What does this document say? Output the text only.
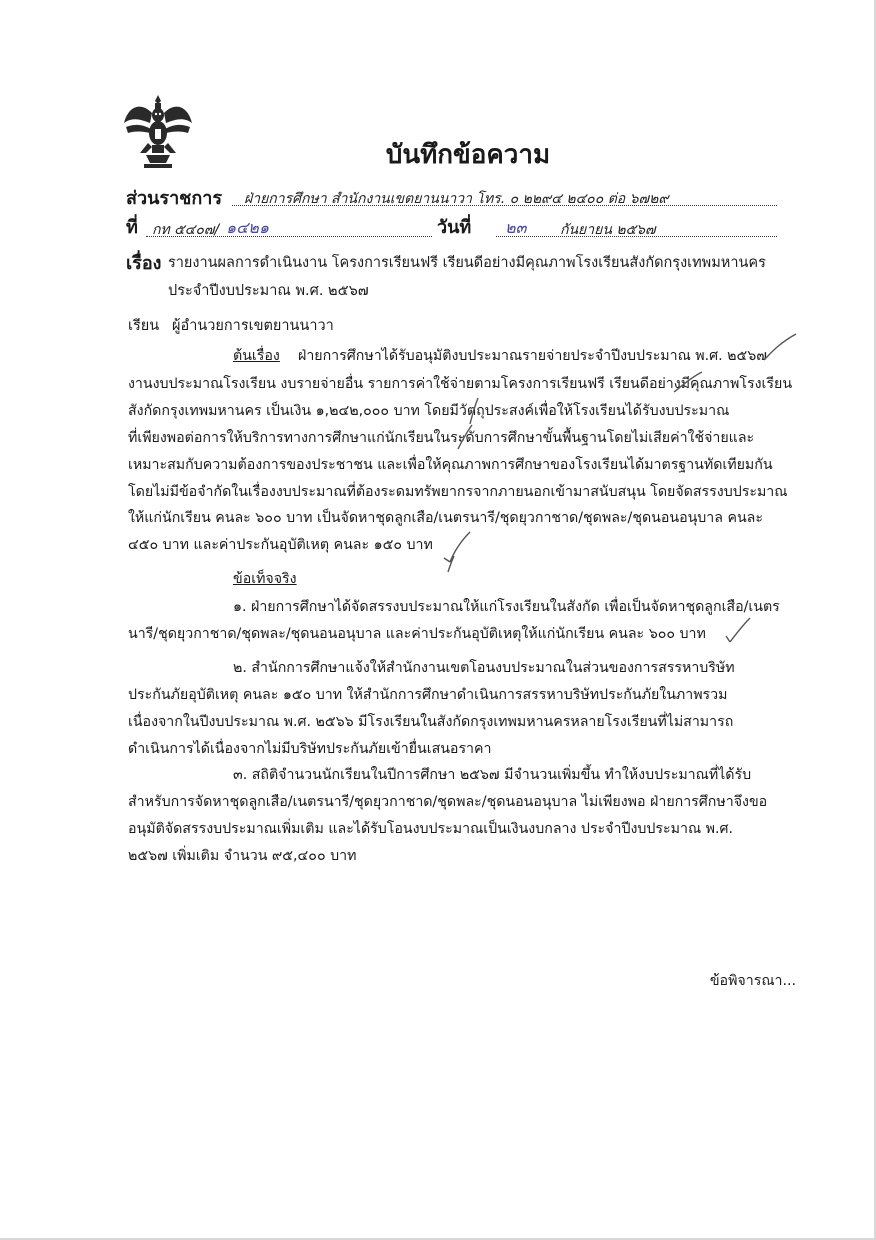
บันทึกข้อความ
ส่วนราชการ ฝ่ายการศึกษา สำนักงานเขตยานนาวา โทร. ๐ ๒๒๙๔ ๒๔๐๐ ต่อ ๖๗๒๙
ที่ กท ๕๔๐๗/ ๑๔๒๑	วันที่ ๒๓ กันยายน ๒๕๖๗
เรื่อง รายงานผลการดำเนินงาน โครงการเรียนฟรี เรียนดีอย่างมีคุณภาพโรงเรียนสังกัดกรุงเทพมหานคร
ประจำปีงบประมาณ พ.ศ. ๒๕๖๗
เรียน ผู้อำนวยการเขตยานนาวา
ต้นเรื่อง ฝ่ายการศึกษาได้รับอนุมัติงบประมาณรายจ่ายประจำปีงบประมาณ พ.ศ. ๒๕๖๗
งานงบประมาณโรงเรียน งบรายจ่ายอื่น รายการค่าใช้จ่ายตามโครงการเรียนฟรี เรียนดีอย่างมีคุณภาพโรงเรียน
สังกัดกรุงเทพมหานคร เป็นเงิน ๑,๒๔๒,๐๐๐ บาท โดยมีวัตถุประสงค์เพื่อให้โรงเรียนได้รับงบประมาณ
ที่เพียงพอต่อการให้บริการทางการศึกษาแก่นักเรียนในระดับการศึกษาขั้นพื้นฐานโดยไม่เสียค่าใช้จ่ายและ
เหมาะสมกับความต้องการของประชาชน และเพื่อให้คุณภาพการศึกษาของโรงเรียนได้มาตรฐานทัดเทียมกัน
โดยไม่มีข้อจำกัดในเรื่องงบประมาณที่ต้องระดมทรัพยากรจากภายนอกเข้ามาสนับสนุน โดยจัดสรรงบประมาณ
ให้แก่นักเรียน คนละ ๖๐๐ บาท เป็นจัดหาชุดลูกเสือ/เนตรนารี/ชุดยุวกาชาด/ชุดพละ/ชุดนอนอนุบาล คนละ
๔๕๐ บาท และค่าประกันอุบัติเหตุ คนละ ๑๕๐ บาท
ข้อเท็จจริง
๑. ฝ่ายการศึกษาได้จัดสรรงบประมาณให้แก่โรงเรียนในสังกัด เพื่อเป็นจัดหาชุดลูกเสือ/เนตร
นารี/ชุดยุวกาชาด/ชุดพละ/ชุดนอนอนุบาล และค่าประกันอุบัติเหตุให้แก่นักเรียน คนละ ๖๐๐ บาท
๒. สำนักการศึกษาแจ้งให้สำนักงานเขตโอนงบประมาณในส่วนของการสรรหาบริษัท
ประกันภัยอุบัติเหตุ คนละ ๑๕๐ บาท ให้สำนักการศึกษาดำเนินการสรรหาบริษัทประกันภัยในภาพรวม
เนื่องจากในปีงบประมาณ พ.ศ. ๒๕๖๖ มีโรงเรียนในสังกัดกรุงเทพมหานครหลายโรงเรียนที่ไม่สามารถ
ดำเนินการได้เนื่องจากไม่มีบริษัทประกันภัยเข้ายื่นเสนอราคา
๓. สถิติจำนวนนักเรียนในปีการศึกษา ๒๕๖๗ มีจำนวนเพิ่มขึ้น ทำให้งบประมาณที่ได้รับ
สำหรับการจัดหาชุดลูกเสือ/เนตรนารี/ชุดยุวกาชาด/ชุดพละ/ชุดนอนอนุบาล ไม่เพียงพอ ฝ่ายการศึกษาจึงขอ
อนุมัติจัดสรรงบประมาณเพิ่มเติม และได้รับโอนงบประมาณเป็นเงินงบกลาง ประจำปีงบประมาณ พ.ศ.
๒๕๖๗ เพิ่มเติม จำนวน ๙๕,๔๐๐ บาท
ข้อพิจารณา...
